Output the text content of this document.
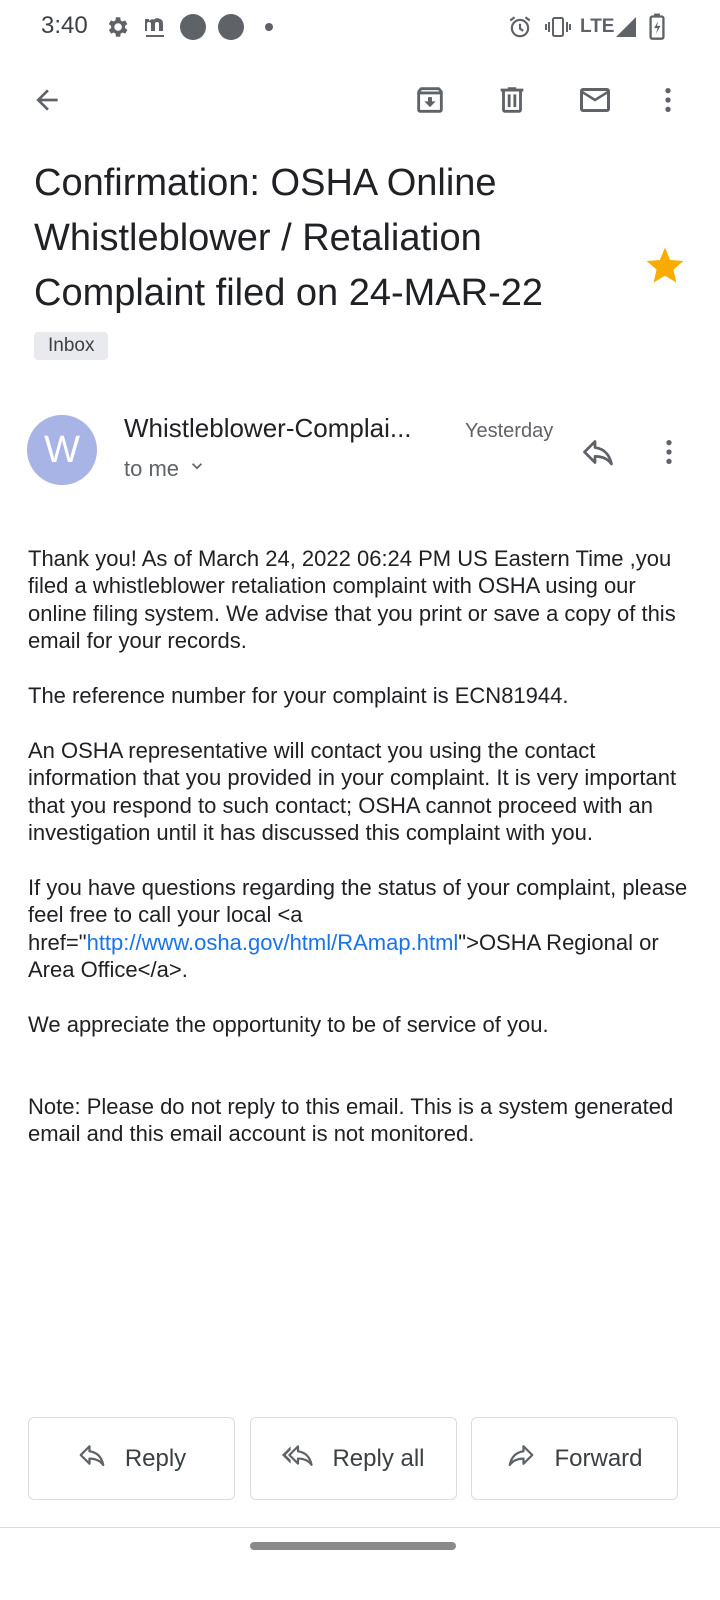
3:40	LTE
Confirmation: OSHA Online Whistleblower / Retaliation Complaint filed on 24-MAR-22
Inbox
W
Whistleblower-Complai...	Yesterday
to me

Thank you! As of March 24, 2022 06:24 PM US Eastern Time ,you filed a whistleblower retaliation complaint with OSHA using our online filing system. We advise that you print or save a copy of this email for your records.

The reference number for your complaint is ECN81944.

An OSHA representative will contact you using the contact information that you provided in your complaint. It is very important that you respond to such contact; OSHA cannot proceed with an investigation until it has discussed this complaint with you.

If you have questions regarding the status of your complaint, please feel free to call your local <a href="http://www.osha.gov/html/RAmap.html">OSHA Regional or Area Office</a>.

We appreciate the opportunity to be of service of you.

Note: Please do not reply to this email. This is a system generated email and this email account is not monitored.

Reply	Reply all	Forward
